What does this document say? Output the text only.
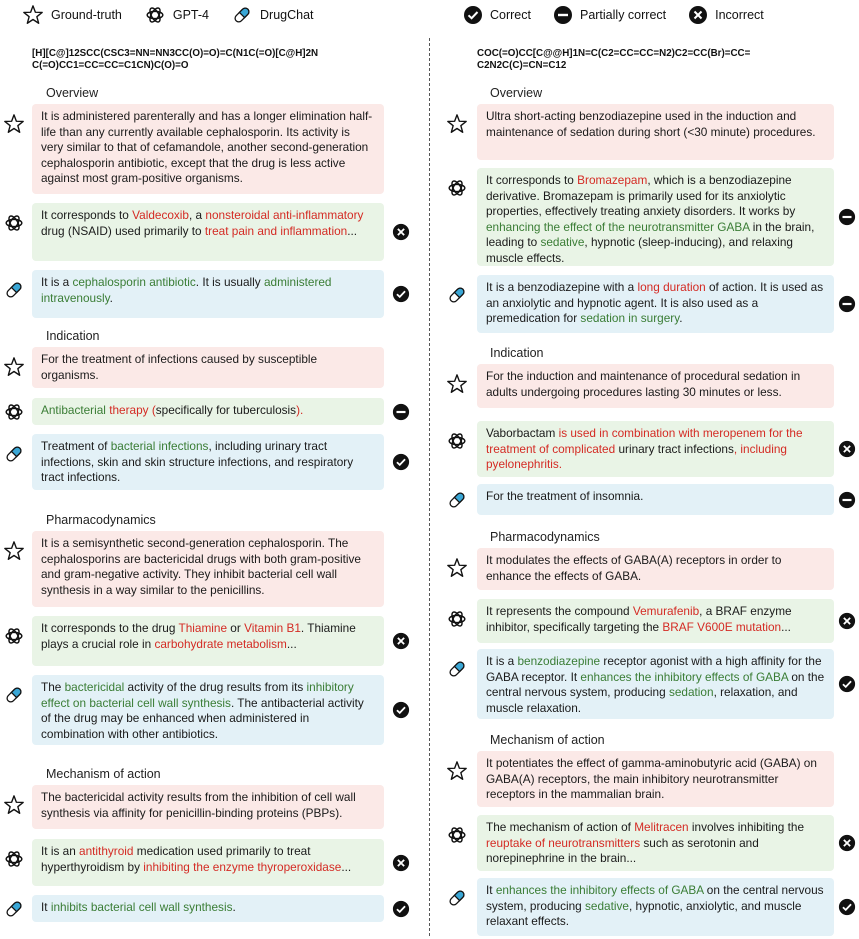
Ground-truth	GPT-4	DrugChat	Correct	Partially correct	Incorrect
[H][C@]12SCC(CSC3=NN=NN3CC(O)=O)=C(N1C(=O)[C@H]2N
C(=O)CC1=CC=CC=C1CN)C(O)=O
Overview
It is administered parenterally and has a longer elimination half-life than any currently available cephalosporin. Its activity is very similar to that of cefamandole, another second-generation cephalosporin antibiotic, except that the drug is less active against most gram-positive organisms.
It corresponds to Valdecoxib, a nonsteroidal anti-inflammatory drug (NSAID) used primarily to treat pain and inflammation...
It is a cephalosporin antibiotic. It is usually administered intravenously.
Indication
For the treatment of infections caused by susceptible organisms.
Antibacterial therapy (specifically for tuberculosis).
Treatment of bacterial infections, including urinary tract infections, skin and skin structure infections, and respiratory tract infections.
Pharmacodynamics
It is a semisynthetic second-generation cephalosporin. The cephalosporins are bactericidal drugs with both gram-positive and gram-negative activity. They inhibit bacterial cell wall synthesis in a way similar to the penicillins.
It corresponds to the drug Thiamine or Vitamin B1. Thiamine plays a crucial role in carbohydrate metabolism...
The bactericidal activity of the drug results from its inhibitory effect on bacterial cell wall synthesis. The antibacterial activity of the drug may be enhanced when administered in combination with other antibiotics.
Mechanism of action
The bactericidal activity results from the inhibition of cell wall synthesis via affinity for penicillin-binding proteins (PBPs).
It is an antithyroid medication used primarily to treat hyperthyroidism by inhibiting the enzyme thyroperoxidase...
It inhibits bacterial cell wall synthesis.
COC(=O)CC[C@@H]1N=C(C2=CC=CC=N2)C2=CC(Br)=CC=
C2N2C(C)=CN=C12
Overview
Ultra short-acting benzodiazepine used in the induction and maintenance of sedation during short (<30 minute) procedures.
It corresponds to Bromazepam, which is a benzodiazepine derivative. Bromazepam is primarily used for its anxiolytic properties, effectively treating anxiety disorders. It works by enhancing the effect of the neurotransmitter GABA in the brain, leading to sedative, hypnotic (sleep-inducing), and relaxing muscle effects.
It is a benzodiazepine with a long duration of action. It is used as an anxiolytic and hypnotic agent. It is also used as a premedication for sedation in surgery.
Indication
For the induction and maintenance of procedural sedation in adults undergoing procedures lasting 30 minutes or less.
Vaborbactam is used in combination with meropenem for the treatment of complicated urinary tract infections, including pyelonephritis.
For the treatment of insomnia.
Pharmacodynamics
It modulates the effects of GABA(A) receptors in order to enhance the effects of GABA.
It represents the compound Vemurafenib, a BRAF enzyme inhibitor, specifically targeting the BRAF V600E mutation...
It is a benzodiazepine receptor agonist with a high affinity for the GABA receptor. It enhances the inhibitory effects of GABA on the central nervous system, producing sedation, relaxation, and muscle relaxation.
Mechanism of action
It potentiates the effect of gamma-aminobutyric acid (GABA) on GABA(A) receptors, the main inhibitory neurotransmitter receptors in the mammalian brain.
The mechanism of action of Melitracen involves inhibiting the reuptake of neurotransmitters such as serotonin and norepinephrine in the brain...
It enhances the inhibitory effects of GABA on the central nervous system, producing sedative, hypnotic, anxiolytic, and muscle relaxant effects.
